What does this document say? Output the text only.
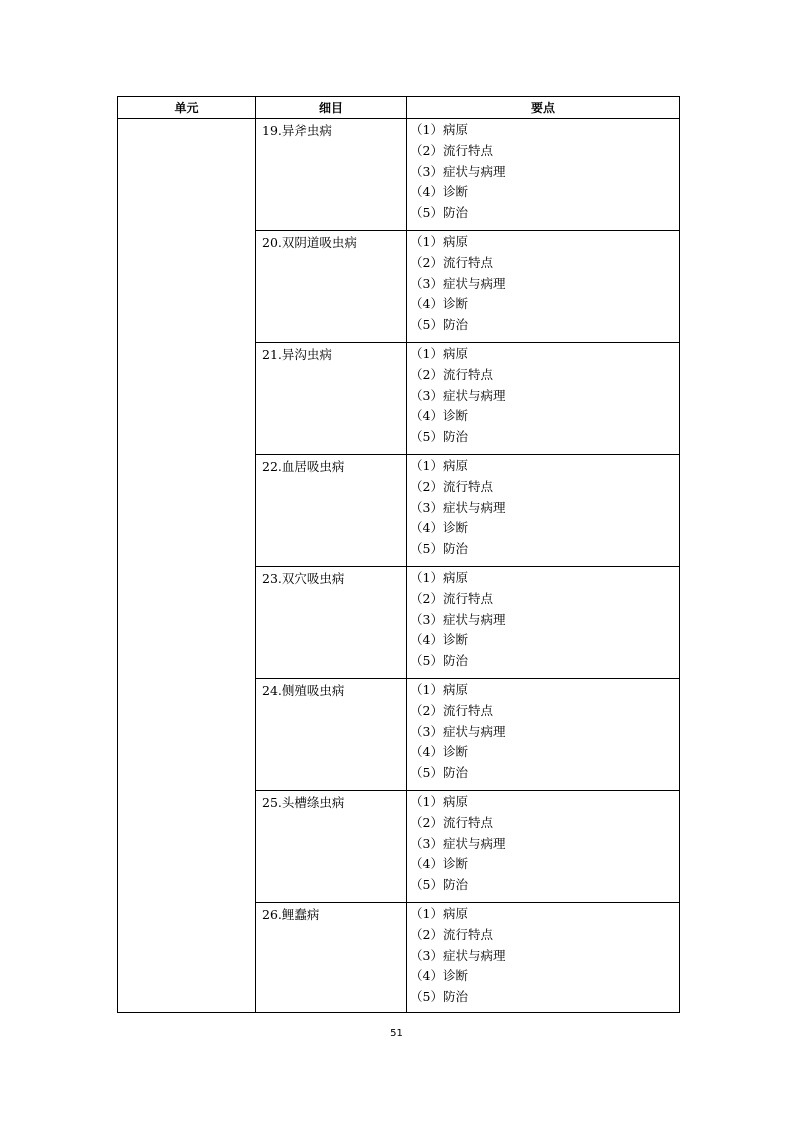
单元	细目	要点
	19.异斧虫病	（1）病原
（2）流行特点
（3）症状与病理
（4）诊断
（5）防治

	20.双阴道吸虫病	（1）病原
（2）流行特点
（3）症状与病理
（4）诊断
（5）防治

	21.异沟虫病	（1）病原
（2）流行特点
（3）症状与病理
（4）诊断
（5）防治

	22.血居吸虫病	（1）病原
（2）流行特点
（3）症状与病理
（4）诊断
（5）防治

	23.双穴吸虫病	（1）病原
（2）流行特点
（3）症状与病理
（4）诊断
（5）防治

	24.侧殖吸虫病	（1）病原
（2）流行特点
（3）症状与病理
（4）诊断
（5）防治

	25.头槽绦虫病	（1）病原
（2）流行特点
（3）症状与病理
（4）诊断
（5）防治

	26.鲤蠢病	（1）病原
（2）流行特点
（3）症状与病理
（4）诊断
（5）防治
51
